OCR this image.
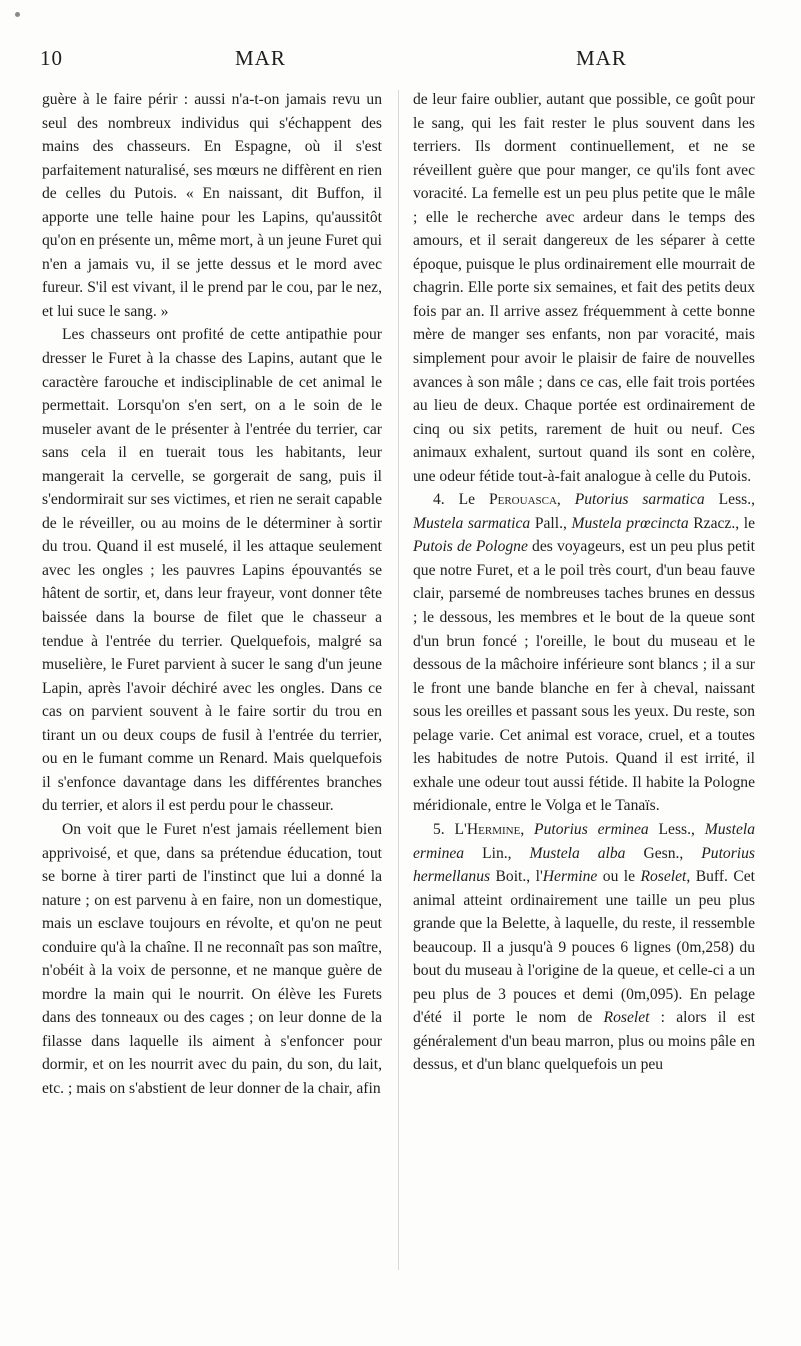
10	MAR	MAR

guère à le faire périr : aussi n'a-t-on jamais revu un seul des nombreux individus qui s'échappent des mains des chasseurs. En Espagne, où il s'est parfaitement naturalisé, ses mœurs ne diffèrent en rien de celles du Putois. « En naissant, dit Buffon, il apporte une telle haine pour les Lapins, qu'aussitôt qu'on en présente un, même mort, à un jeune Furet qui n'en a jamais vu, il se jette dessus et le mord avec fureur. S'il est vivant, il le prend par le cou, par le nez, et lui suce le sang. »

Les chasseurs ont profité de cette antipathie pour dresser le Furet à la chasse des Lapins, autant que le caractère farouche et indisciplinable de cet animal le permettait. Lorsqu'on s'en sert, on a le soin de le museler avant de le présenter à l'entrée du terrier, car sans cela il en tuerait tous les habitants, leur mangerait la cervelle, se gorgerait de sang, puis il s'endormirait sur ses victimes, et rien ne serait capable de le réveiller, ou au moins de le déterminer à sortir du trou. Quand il est muselé, il les attaque seulement avec les ongles ; les pauvres Lapins épouvantés se hâtent de sortir, et, dans leur frayeur, vont donner tête baissée dans la bourse de filet que le chasseur a tendue à l'entrée du terrier. Quelquefois, malgré sa muselière, le Furet parvient à sucer le sang d'un jeune Lapin, après l'avoir déchiré avec les ongles. Dans ce cas on parvient souvent à le faire sortir du trou en tirant un ou deux coups de fusil à l'entrée du terrier, ou en le fumant comme un Renard. Mais quelquefois il s'enfonce davantage dans les différentes branches du terrier, et alors il est perdu pour le chasseur.

On voit que le Furet n'est jamais réellement bien apprivoisé, et que, dans sa prétendue éducation, tout se borne à tirer parti de l'instinct que lui a donné la nature ; on est parvenu à en faire, non un domestique, mais un esclave toujours en révolte, et qu'on ne peut conduire qu'à la chaîne. Il ne reconnaît pas son maître, n'obéit à la voix de personne, et ne manque guère de mordre la main qui le nourrit. On élève les Furets dans des tonneaux ou des cages ; on leur donne de la filasse dans laquelle ils aiment à s'enfoncer pour dormir, et on les nourrit avec du pain, du son, du lait, etc. ; mais on s'abstient de leur donner de la chair, afin

de leur faire oublier, autant que possible, ce goût pour le sang, qui les fait rester le plus souvent dans les terriers. Ils dorment continuellement, et ne se réveillent guère que pour manger, ce qu'ils font avec voracité. La femelle est un peu plus petite que le mâle ; elle le recherche avec ardeur dans le temps des amours, et il serait dangereux de les séparer à cette époque, puisque le plus ordinairement elle mourrait de chagrin. Elle porte six semaines, et fait des petits deux fois par an. Il arrive assez fréquemment à cette bonne mère de manger ses enfants, non par voracité, mais simplement pour avoir le plaisir de faire de nouvelles avances à son mâle ; dans ce cas, elle fait trois portées au lieu de deux. Chaque portée est ordinairement de cinq ou six petits, rarement de huit ou neuf. Ces animaux exhalent, surtout quand ils sont en colère, une odeur fétide tout-à-fait analogue à celle du Putois.

4. Le Perouasca, Putorius sarmatica Less., Mustela sarmatica Pall., Mustela prœcincta Rzacz., le Putois de Pologne des voyageurs, est un peu plus petit que notre Furet, et a le poil très court, d'un beau fauve clair, parsemé de nombreuses taches brunes en dessus ; le dessous, les membres et le bout de la queue sont d'un brun foncé ; l'oreille, le bout du museau et le dessous de la mâchoire inférieure sont blancs ; il a sur le front une bande blanche en fer à cheval, naissant sous les oreilles et passant sous les yeux. Du reste, son pelage varie. Cet animal est vorace, cruel, et a toutes les habitudes de notre Putois. Quand il est irrité, il exhale une odeur tout aussi fétide. Il habite la Pologne méridionale, entre le Volga et le Tanaïs.

5. L'Hermine, Putorius erminea Less., Mustela erminea Lin., Mustela alba Gesn., Putorius hermellanus Boit., l'Hermine ou le Roselet, Buff. Cet animal atteint ordinairement une taille un peu plus grande que la Belette, à laquelle, du reste, il ressemble beaucoup. Il a jusqu'à 9 pouces 6 lignes (0m,258) du bout du museau à l'origine de la queue, et celle-ci a un peu plus de 3 pouces et demi (0m,095). En pelage d'été il porte le nom de Roselet : alors il est généralement d'un beau marron, plus ou moins pâle en dessus, et d'un blanc quelquefois un peu
